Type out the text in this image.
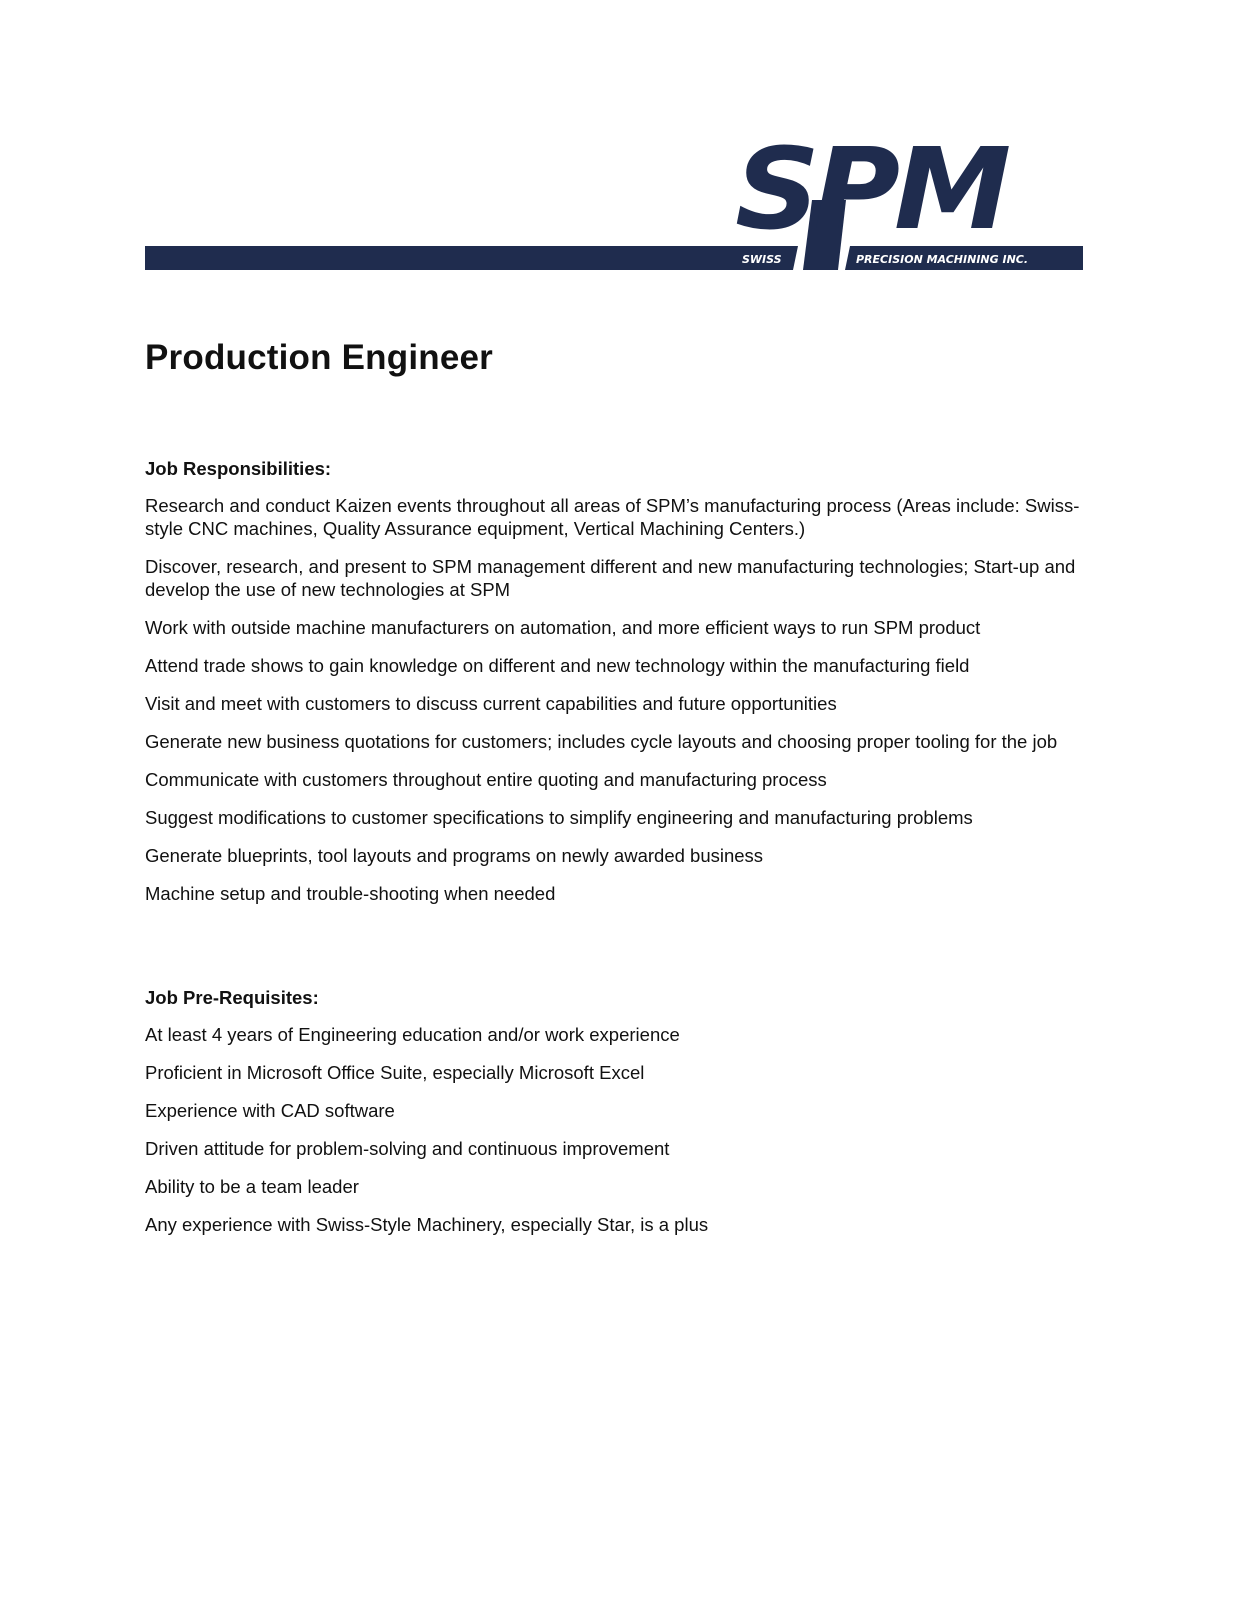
SPM
SWISS	PRECISION MACHINING INC.
Production Engineer
Job Responsibilities:
Research and conduct Kaizen events throughout all areas of SPM’s manufacturing process (Areas include: Swiss-style CNC machines, Quality Assurance equipment, Vertical Machining Centers.)
Discover, research, and present to SPM management different and new manufacturing technologies; Start-up and develop the use of new technologies at SPM
Work with outside machine manufacturers on automation, and more efficient ways to run SPM product
Attend trade shows to gain knowledge on different and new technology within the manufacturing field
Visit and meet with customers to discuss current capabilities and future opportunities
Generate new business quotations for customers; includes cycle layouts and choosing proper tooling for the job
Communicate with customers throughout entire quoting and manufacturing process
Suggest modifications to customer specifications to simplify engineering and manufacturing problems
Generate blueprints, tool layouts and programs on newly awarded business
Machine setup and trouble-shooting when needed
Job Pre-Requisites:
At least 4 years of Engineering education and/or work experience
Proficient in Microsoft Office Suite, especially Microsoft Excel
Experience with CAD software
Driven attitude for problem-solving and continuous improvement
Ability to be a team leader
Any experience with Swiss-Style Machinery, especially Star, is a plus
